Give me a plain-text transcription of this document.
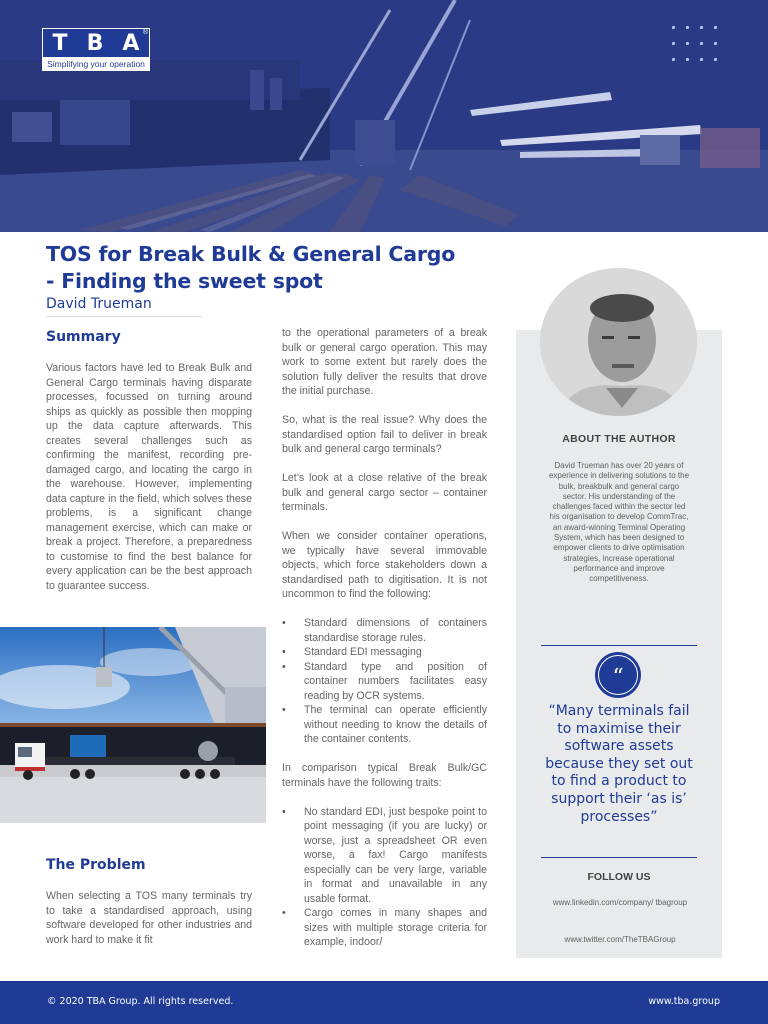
T B A ®
Simplifying your operation
TOS for Break Bulk & General Cargo
- Finding the sweet spot
David Trueman
Summary
Various factors have led to Break Bulk and General Cargo terminals having disparate processes, focussed on turning around ships as quickly as possible then mopping up the data capture afterwards. This creates several challenges such as confirming the manifest, recording pre-damaged cargo, and locating the cargo in the warehouse. However, implementing data capture in the field, which solves these problems, is a significant change management exercise, which can make or break a project. Therefore, a preparedness to customise to find the best balance for every application can be the best approach to guarantee success.
The Problem
When selecting a TOS many terminals try to take a standardised approach, using software developed for other industries and work hard to make it fit

to the operational parameters of a break bulk or general cargo operation. This may work to some extent but rarely does the solution fully deliver the results that drove the initial purchase.

So, what is the real issue? Why does the standardised option fail to deliver in break bulk and general cargo terminals?

Let’s look at a close relative of the break bulk and general cargo sector – container terminals.

When we consider container operations, we typically have several immovable objects, which force stakeholders down a standardised path to digitisation. It is not uncommon to find the following:

• Standard dimensions of containers standardise storage rules.
• Standard EDI messaging
• Standard type and position of container numbers facilitates easy reading by OCR systems.
• The terminal can operate efficiently without needing to know the details of the container contents.

In comparison typical Break Bulk/GC terminals have the following traits:

• No standard EDI, just bespoke point to point messaging (if you are lucky) or worse, just a spreadsheet OR even worse, a fax! Cargo manifests especially can be very large, variable in format and unavailable in any usable format.
• Cargo comes in many shapes and sizes with multiple storage criteria for example, indoor/
ABOUT THE AUTHOR
David Trueman has over 20 years of experience in delivering solutions to the bulk, breakbulk and general cargo sector. His understanding of the challenges faced within the sector led his organisation to develop CommTrac, an award-winning Terminal Operating System, which has been designed to empower clients to drive optimisation strategies, increase operational performance and improve competitiveness.
“
“Many terminals fail to maximise their software assets because they set out to find a product to support their ‘as is’ processes”
FOLLOW US
www.linkedin.com/company/ tbagroup
www.twitter.com/TheTBAGroup
© 2020 TBA Group. All rights reserved.	www.tba.group
